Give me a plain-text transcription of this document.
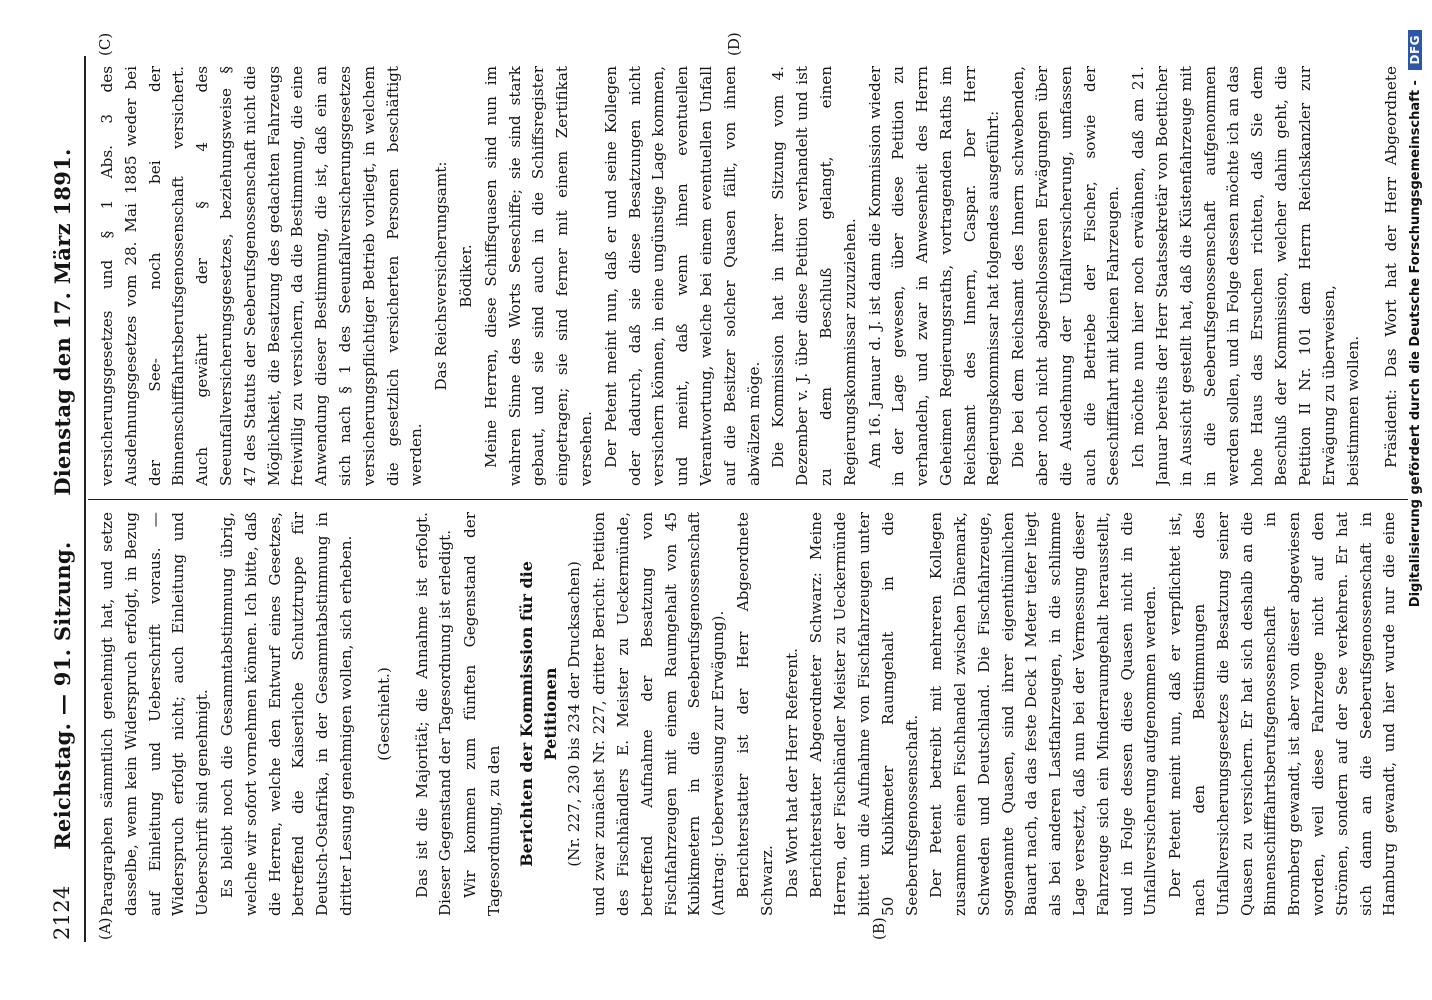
2124
Reichstag. — 91. Sitzung.      Dienstag den 17. März 1891.
(A)	(B)
(C)	(D)

Paragraphen sämmtlich genehmigt hat, und setze dasselbe, wenn kein Widerspruch erfolgt, in Bezug auf Einleitung und Ueberschrift voraus. — Widerspruch erfolgt nicht; auch Einleitung und Ueberschrift sind genehmigt. Es bleibt noch die Gesammtabstimmung übrig, welche wir sofort vornehmen können. Ich bitte, daß die Herren, welche den Entwurf eines Gesetzes, betreffend die Kaiserliche Schutztruppe für Deutsch-Ostafrika, in der Gesammtabstimmung in dritter Lesung genehmigen wollen, sich erheben. (Geschieht.) Das ist die Majorität; die Annahme ist erfolgt. Dieser Gegenstand der Tagesordnung ist erledigt. Wir kommen zum fünften Gegenstand der Tagesordnung, zu den Berichten der Kommission für die Petitionen (Nr. 227, 230 bis 234 der Drucksachen) und zwar zunächst Nr. 227, dritter Bericht: Petition des Fischhändlers E. Meister zu Ueckermünde, betreffend Aufnahme der Besatzung von Fischfahrzeugen mit einem Raumgehalt von 45 Kubikmetern in die Seeberufsgenossenschaft (Antrag: Ueberweisung zur Erwägung). Berichterstatter ist der Herr Abgeordnete Schwarz. Das Wort hat der Herr Referent. Berichterstatter Abgeordneter Schwarz: Meine Herren, der Fischhändler Meister zu Ueckermünde bittet um die Aufnahme von Fischfahrzeugen unter 50 Kubikmeter Raumgehalt in die Seeberufsgenossenschaft. Der Petent betreibt mit mehreren Kollegen zusammen einen Fischhandel zwischen Dänemark, Schweden und Deutschland. Die Fischfahrzeuge, sogenannte Quasen, sind ihrer eigenthümlichen Bauart nach, da das feste Deck 1 Meter tiefer liegt als bei anderen Lastfahrzeugen, in die schlimme Lage versetzt, daß nun bei der Vermessung dieser Fahrzeuge sich ein Minderraumgehalt herausstellt, und in Folge dessen diese Quasen nicht in die Unfallversicherung aufgenommen werden. Der Petent meint nun, daß er verpflichtet ist, nach den Bestimmungen des Unfallversicherungsgesetzes die Besatzung seiner Quasen zu versichern. Er hat sich deshalb an die Binnenschifffahrtsberufsgenossenschaft in Bromberg gewandt, ist aber von dieser abgewiesen worden, weil diese Fahrzeuge nicht auf den Strömen, sondern auf der See verkehren. Er hat sich dann an die Seeberufsgenossenschaft in Hamburg gewandt, und hier wurde nur die eine

versicherungsgesetzes und § 1 Abs. 3 des Ausdehnungsgesetzes vom 28. Mai 1885 weder bei der See- noch bei der Binnenschifffahrtsberufsgenossenschaft versichert. Auch gewährt der § 4 des Seeunfallversicherungsgesetzes, beziehungsweise § 47 des Statuts der Seeberufsgenossenschaft nicht die Möglichkeit, die Besatzung des gedachten Fahrzeugs freiwillig zu versichern, da die Bestimmung, die eine Anwendung dieser Bestimmung, die ist, daß ein an sich nach § 1 des Seeunfallversicherungsgesetzes versicherungspflichtiger Betrieb vorliegt, in welchem die gesetzlich versicherten Personen beschäftigt werden.

Das Reichsversicherungsamt: Bödiker. Meine Herren, diese Schiffsquasen sind nun im wahren Sinne des Worts Seeschiffe; sie sind stark gebaut, und sie sind auch in die Schiffsregister eingetragen; sie sind ferner mit einem Zertifikat versehen. Der Petent meint nun, daß er und seine Kollegen oder dadurch, daß sie diese Besatzungen nicht versichern können, in eine ungünstige Lage kommen, und meint, daß wenn ihnen eventuellen Verantwortung, welche bei einem eventuellen Unfall auf die Besitzer solcher Quasen fällt, von ihnen abwälzen möge. Die Kommission hat in ihrer Sitzung vom 4. Dezember v. J. über diese Petition verhandelt und ist zu dem Beschluß gelangt, einen Regierungskommissar zuzuziehen. Am 16. Januar d. J. ist dann die Kommission wieder in der Lage gewesen, über diese Petition zu verhandeln, und zwar in Anwesenheit des Herrn Geheimen Regierungsraths, vortragenden Raths im Reichsamt des Innern, Caspar. Der Herr Regierungskommissar hat folgendes ausgeführt: Die bei dem Reichsamt des Innern schwebenden, aber noch nicht abgeschlossenen Erwägungen über die Ausdehnung der Unfallversicherung, umfassen auch die Betriebe der Fischer, sowie der Seeschifffahrt mit kleinen Fahrzeugen. Ich möchte nun hier noch erwähnen, daß am 21. Januar bereits der Herr Staatssekretär von Boetticher in Aussicht gestellt hat, daß die Küstenfahrzeuge mit in die Seeberufsgenossenschaft aufgenommen werden sollen, und in Folge dessen möchte ich an das hohe Haus das Ersuchen richten, daß Sie dem Beschluß der Kommission, welcher dahin geht, die Petition II Nr. 101 dem Herrn Reichskanzler zur Erwägung zu überweisen, beistimmen wollen. Präsident: Das Wort hat der Herr Abgeordnete Digitalisierung gefördert durch die Deutsche Forschungsgemeinschaft - DFG
